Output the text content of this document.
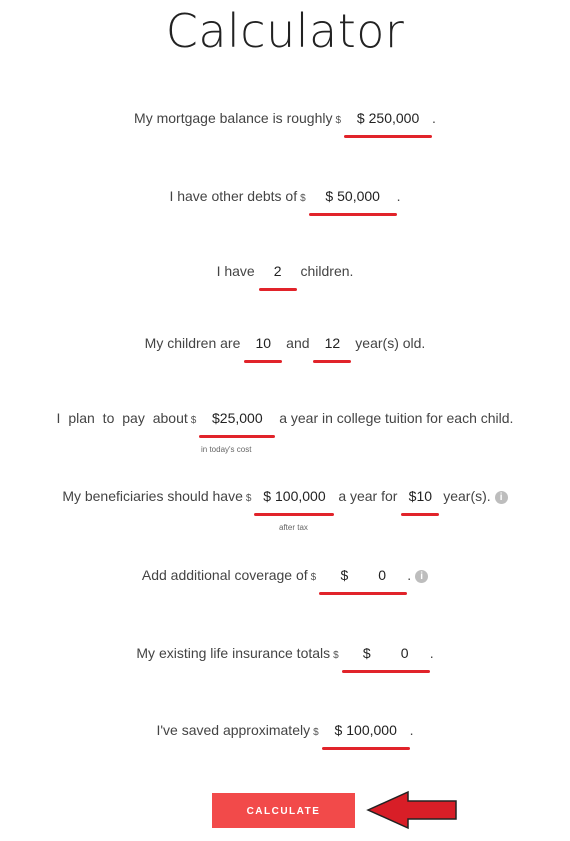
Calculator
My mortgage balance is roughly $ $ 250,000 .
I have other debts of $ $ 50,000 .
I have 2 children.
My children are 10 and 12 year(s) old.
I plan to pay about $ $25,000 a year in college tuition for each child.
in today's cost
My beneficiaries should have $ $ 100,000 a year for $10 year(s). i
after tax
Add additional coverage of $ $ 0 . i
My existing life insurance totals $ $ 0 .
I've saved approximately $ $ 100,000 .
CALCULATE
